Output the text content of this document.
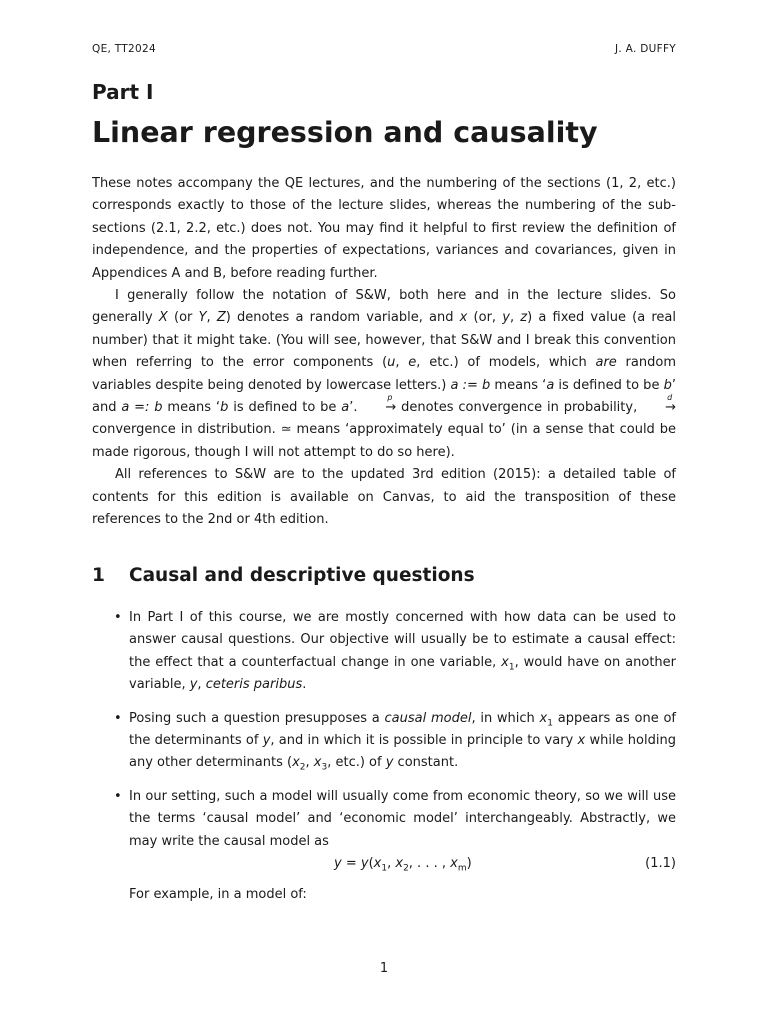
QE, TT2024	J. A. DUFFY
Part I
Linear regression and causality

These notes accompany the QE lectures, and the numbering of the sections (1, 2, etc.) corresponds exactly to those of the lecture slides, whereas the numbering of the sub-sections (2.1, 2.2, etc.) does not. You may find it helpful to first review the definition of independence, and the properties of expectations, variances and covariances, given in Appendices A and B, before reading further.

I generally follow the notation of S&W, both here and in the lecture slides. So generally X (or Y, Z) denotes a random variable, and x (or, y, z) a fixed value (a real number) that it might take. (You will see, however, that S&W and I break this convention when referring to the error components (u, e, etc.) of models, which are random variables despite being denoted by lowercase letters.) a := b means ‘a is defined to be b’ and a =: b means ‘b is defined to be a’.
p
→ denotes convergence in probability,
d
→ convergence in distribution. ≃ means ‘approximately equal to’ (in a sense that could be made rigorous, though I will not attempt to do so here).

All references to S&W are to the updated 3rd edition (2015): a detailed table of contents for this edition is available on Canvas, to aid the transposition of these references to the 2nd or 4th edition.

1 Causal and descriptive questions
• In Part I of this course, we are mostly concerned with how data can be used to answer causal questions. Our objective will usually be to estimate a causal effect: the effect that a counterfactual change in one variable, $x_1$, would have on another variable, y, ceteris paribus.
• Posing such a question presupposes a causal model, in which $x_1$ appears as one of the determinants of y, and in which it is possible in principle to vary x while holding any other determinants ($x_2$, $x_3$, etc.) of y constant.
• In our setting, such a model will usually come from economic theory, so we will use the terms ‘causal model’ and ‘economic model’ interchangeably. Abstractly, we may write the causal model as
$y = y(x_1$, $x_2$, . . . , $x_m$)	(1.1)
For example, in a model of:
1
